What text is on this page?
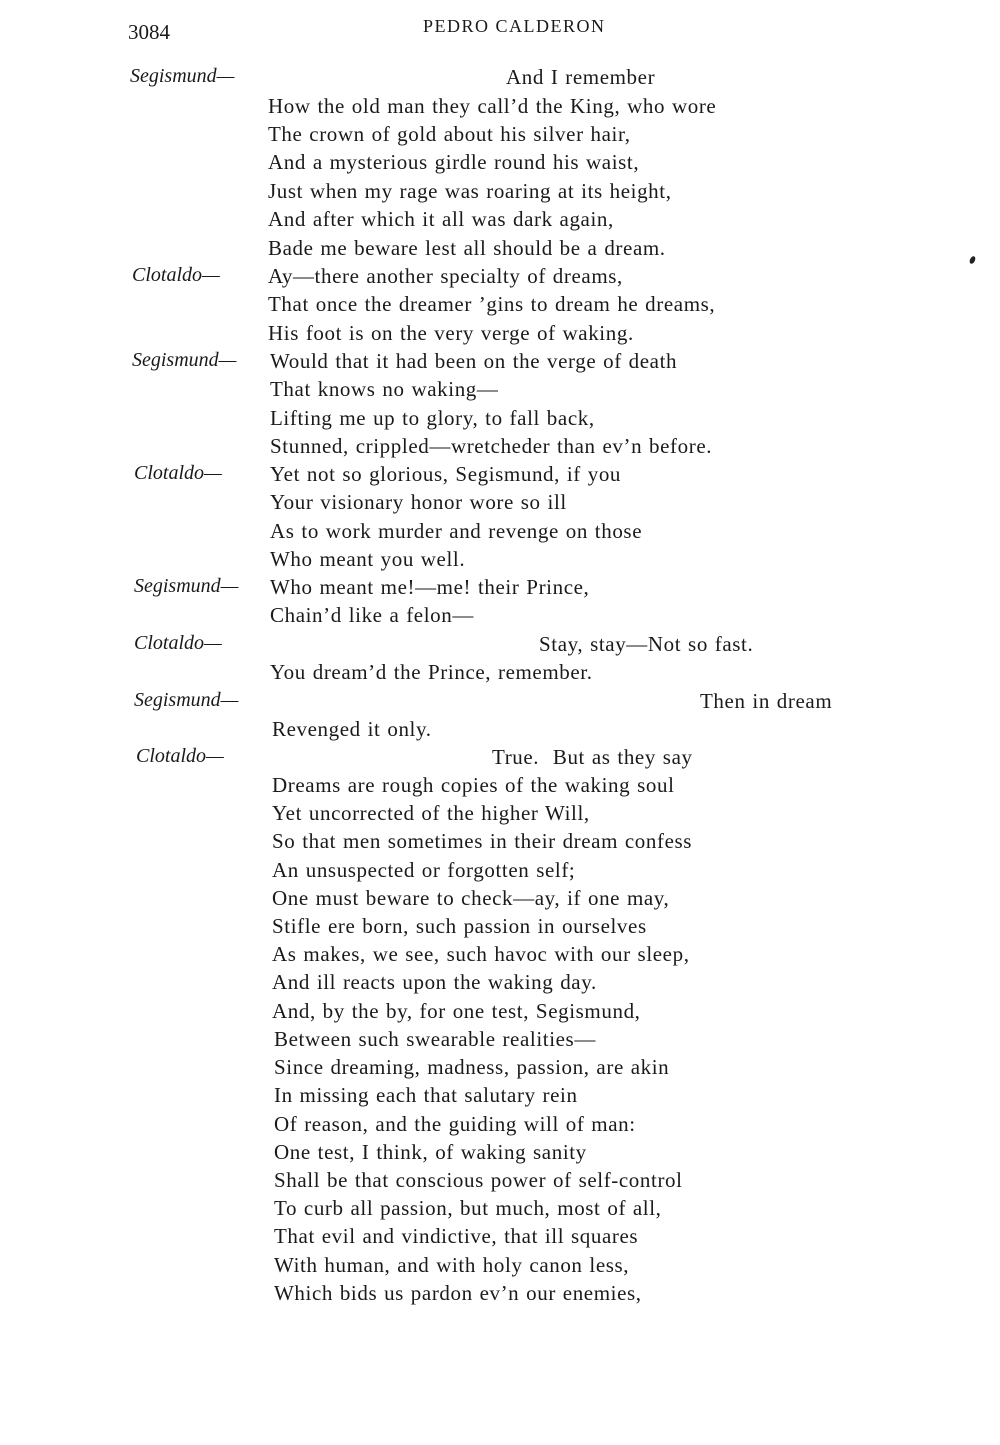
3084	PEDRO CALDERON
Segismund—	And I remember
How the old man they call’d the King, who wore
The crown of gold about his silver hair,
And a mysterious girdle round his waist,
Just when my rage was roaring at its height,
And after which it all was dark again,
Bade me beware lest all should be a dream.
Clotaldo— Ay—there another specialty of dreams,
That once the dreamer ’gins to dream he dreams,
His foot is on the very verge of waking.
Segismund— Would that it had been on the verge of death
That knows no waking—
Lifting me up to glory, to fall back,
Stunned, crippled—wretcheder than ev’n before.
Clotaldo— Yet not so glorious, Segismund, if you
Your visionary honor wore so ill
As to work murder and revenge on those
Who meant you well.
Segismund— Who meant me!—me! their Prince,
Chain’d like a felon—
Clotaldo—	Stay, stay—Not so fast.
You dream’d the Prince, remember.
Segismund—	Then in dream
Revenged it only.
Clotaldo—	True.  But as they say
Dreams are rough copies of the waking soul
Yet uncorrected of the higher Will,
So that men sometimes in their dream confess
An unsuspected or forgotten self;
One must beware to check—ay, if one may,
Stifle ere born, such passion in ourselves
As makes, we see, such havoc with our sleep,
And ill reacts upon the waking day.
And, by the by, for one test, Segismund,
Between such swearable realities—
Since dreaming, madness, passion, are akin
In missing each that salutary rein
Of reason, and the guiding will of man:
One test, I think, of waking sanity
Shall be that conscious power of self-control
To curb all passion, but much, most of all,
That evil and vindictive, that ill squares
With human, and with holy canon less,
Which bids us pardon ev’n our enemies,
